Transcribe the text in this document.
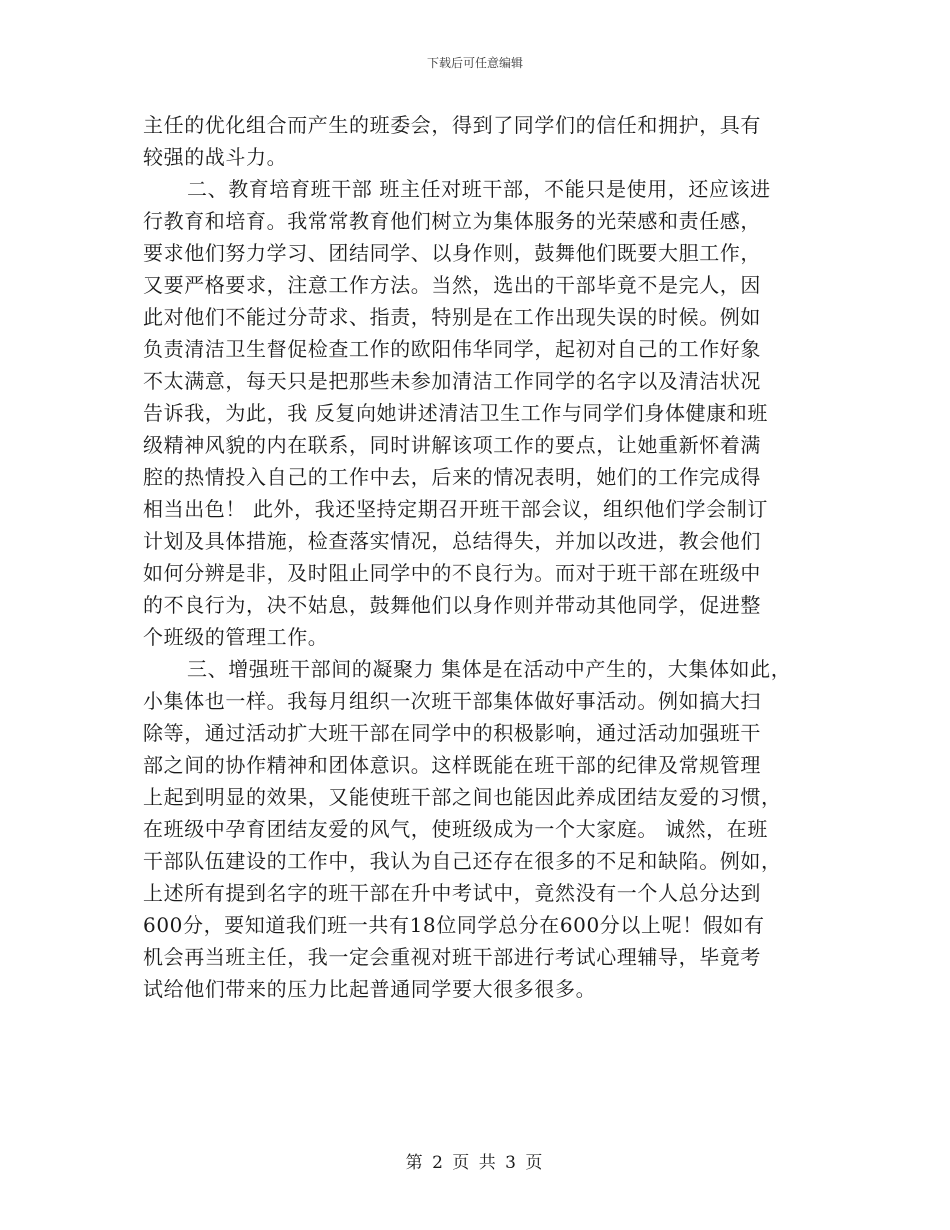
下载后可任意编辑
主任的优化组合而产生的班委会，得到了同学们的信任和拥护，具有
较强的战斗力。
二、教育培育班干部 班主任对班干部，不能只是使用，还应该进
行教育和培育。我常常教育他们树立为集体服务的光荣感和责任感，
要求他们努力学习、团结同学、以身作则，鼓舞他们既要大胆工作，
又要严格要求，注意工作方法。当然，选出的干部毕竟不是完人，因
此对他们不能过分苛求、指责，特别是在工作出现失误的时候。例如
负责清洁卫生督促检查工作的欧阳伟华同学，起初对自己的工作好象
不太满意，每天只是把那些未参加清洁工作同学的名字以及清洁状况
告诉我，为此，我 反复向她讲述清洁卫生工作与同学们身体健康和班
级精神风貌的内在联系，同时讲解该项工作的要点，让她重新怀着满
腔的热情投入自己的工作中去，后来的情况表明，她们的工作完成得
相当出色！ 此外，我还坚持定期召开班干部会议，组织他们学会制订
计划及具体措施，检查落实情况，总结得失，并加以改进，教会他们
如何分辨是非，及时阻止同学中的不良行为。而对于班干部在班级中
的不良行为，决不姑息，鼓舞他们以身作则并带动其他同学，促进整
个班级的管理工作。
三、增强班干部间的凝聚力 集体是在活动中产生的，大集体如此，
小集体也一样。我每月组织一次班干部集体做好事活动。例如搞大扫
除等，通过活动扩大班干部在同学中的积极影响，通过活动加强班干
部之间的协作精神和团体意识。这样既能在班干部的纪律及常规管理
上起到明显的效果，又能使班干部之间也能因此养成团结友爱的习惯，
在班级中孕育团结友爱的风气，使班级成为一个大家庭。 诚然，在班
干部队伍建设的工作中，我认为自己还存在很多的不足和缺陷。例如，
上述所有提到名字的班干部在升中考试中，竟然没有一个人总分达到
600分，要知道我们班一共有18位同学总分在600分以上呢！假如有
机会再当班主任，我一定会重视对班干部进行考试心理辅导，毕竟考
试给他们带来的压力比起普通同学要大很多很多。
第 2 页 共 3 页
